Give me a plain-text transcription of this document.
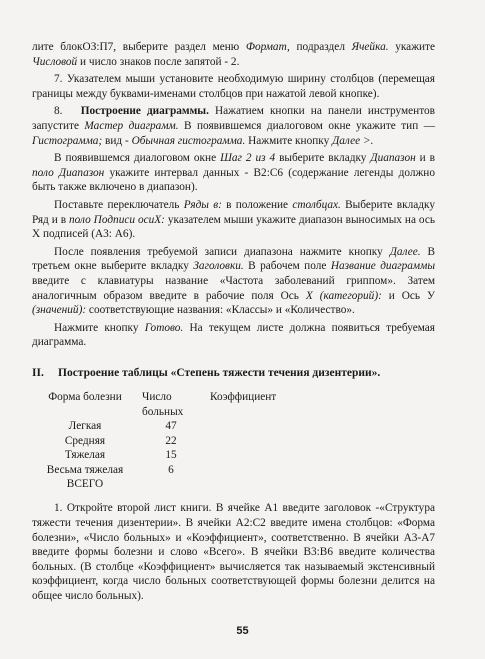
лите блокОЗ:П7, выберите раздел меню Формат, подраздел Ячейка. укажите Числовой и число знаков после запятой - 2.

7. Указателем мыши установите необходимую ширину столбцов (перемещая границы между буквами-именами столбцов при нажатой левой кнопке).

8. Построение диаграммы. Нажатием кнопки на панели инструментов запустите Мастер диаграмм. В появившемся диалоговом окне укажите тип — Гистограмма; вид - Обычная гистограмма. Нажмите кнопку Далее >.

В появившемся диалоговом окне Шаг 2 из 4 выберите вкладку Диапазон и в поло Диапазон укажите интервал данных - В2:С6 (содержание легенды должно быть также включено в диапазон).

Поставьте переключатель Ряды в: в положение столбцах. Выберите вкладку Ряд и в поло Подписи осиХ: указателем мыши укажите диапазон выносимых на ось X подписей (A3: А6).

После появления требуемой записи диапазона нажмите кнопку Далее. В третьем окне выберите вкладку Заголовки. В рабочем поле Название диаграммы введите с клавиатуры название «Частота заболеваний гриппом». Затем аналогичным образом введите в рабочие поля Ось X (категорий): и Ось У (значений): соответствующие названия: «Классы» и «Количество».

Нажмите кнопку Готово. На текущем листе должна появиться требуемая диаграмма.

II. Построение таблицы «Степень тяжести течения дизентерии».

Форма болезни	Число больных	Коэффициент
Легкая	47	
Средняя	22	
Тяжелая	15	
Весьма тяжелая	6	
ВСЕГО		

1. Откройте второй лист книги. В ячейке А1 введите заголовок -«Структура тяжести течения дизентерии». В ячейки А2:С2 введите имена столбцов: «Форма болезни», «Число больных» и «Коэффициент», соответственно. В ячейки А3-А7 введите формы болезни и слово «Всего». В ячейки В3:В6 введите количества больных. (В столбце «Коэффициент» вычисляется так называемый экстенсивный коэффициент, когда число больных соответствующей формы болезни делится на общее число больных).

55
